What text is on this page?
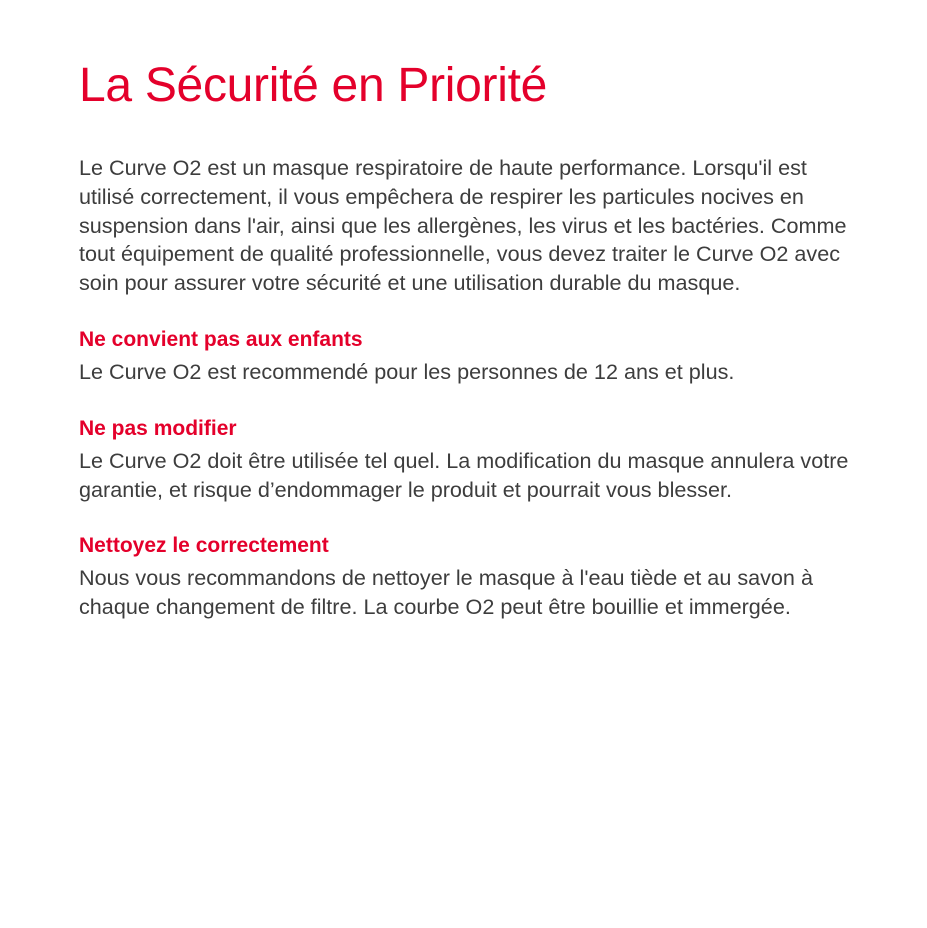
La Sécurité en Priorité

Le Curve O2 est un masque respiratoire de haute performance. Lorsqu'il est utilisé correctement, il vous empêchera de respirer les particules nocives en suspension dans l'air, ainsi que les allergènes, les virus et les bactéries. Comme tout équipement de qualité professionnelle, vous devez traiter le Curve O2 avec soin pour assurer votre sécurité et une utilisation durable du masque.

Ne convient pas aux enfants

Le Curve O2 est recommendé pour les personnes de 12 ans et plus.

Ne pas modifier

Le Curve O2 doit être utilisée tel quel. La modification du masque annulera votre garantie, et risque d’endommager le produit et pourrait vous blesser.

Nettoyez le correctement

Nous vous recommandons de nettoyer le masque à l'eau tiède et au savon à chaque changement de filtre. La courbe O2 peut être bouillie et immergée.
